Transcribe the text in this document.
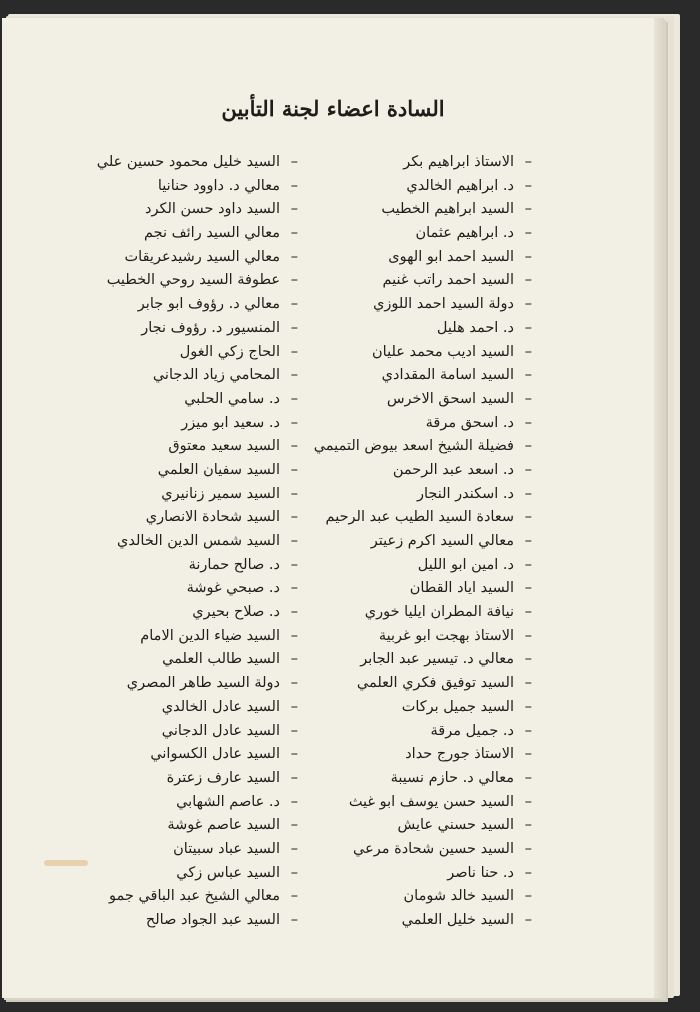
السادة اعضاء لجنة التأبين
–الاستاذ ابراهيم بكر
–د. ابراهيم الخالدي
–السيد ابراهيم الخطيب
–د. ابراهيم عثمان
–السيد احمد ابو الهوى
–السيد احمد راتب غنيم
–دولة السيد احمد اللوزي
–د. احمد هليل
–السيد اديب محمد عليان
–السيد اسامة المقدادي
–السيد اسحق الاخرس
–د. اسحق مرقة
–فضيلة الشيخ اسعد بيوض التميمي
–د. اسعد عبد الرحمن
–د. اسكندر النجار
–سعادة السيد الطيب عبد الرحيم
–معالي السيد اكرم زعيتر
–د. امين ابو الليل
–السيد اياد القطان
–نيافة المطران ايليا خوري
–الاستاذ بهجت ابو غربية
–معالي د. تيسير عبد الجابر
–السيد توفيق فكري العلمي
–السيد جميل بركات
–د. جميل مرقة
–الاستاذ جورج حداد
–معالي د. حازم نسيبة
–السيد حسن يوسف ابو غيث
–السيد حسني عايش
–السيد حسين شحادة مرعي
–د. حنا ناصر
–السيد خالد شومان
–السيد خليل العلمي
–السيد خليل محمود حسين علي
–معالي د. داوود حنانيا
–السيد داود حسن الكرد
–معالي السيد رائف نجم
–معالي السيد رشيدعريقات
–عطوفة السيد روحي الخطيب
–معالي د. رؤوف ابو جابر
–المنسيور د. رؤوف نجار
–الحاج زكي الغول
–المحامي زياد الدجاني
–د. سامي الحلبي
–د. سعيد ابو ميزر
–السيد سعيد معتوق
–السيد سفيان العلمي
–السيد سمير زنانيري
–السيد شحادة الانصاري
–السيد شمس الدين الخالدي
–د. صالح حمارنة
–د. صبحي غوشة
–د. صلاح بحيري
–السيد ضياء الدين الامام
–السيد طالب العلمي
–دولة السيد طاهر المصري
–السيد عادل الخالدي
–السيد عادل الدجاني
–السيد عادل الكسواني
–السيد عارف زعترة
–د. عاصم الشهابي
–السيد عاصم غوشة
–السيد عباد سبيتان
–السيد عباس زكي
–معالي الشيخ عبد الباقي جمو
–السيد عبد الجواد صالح
